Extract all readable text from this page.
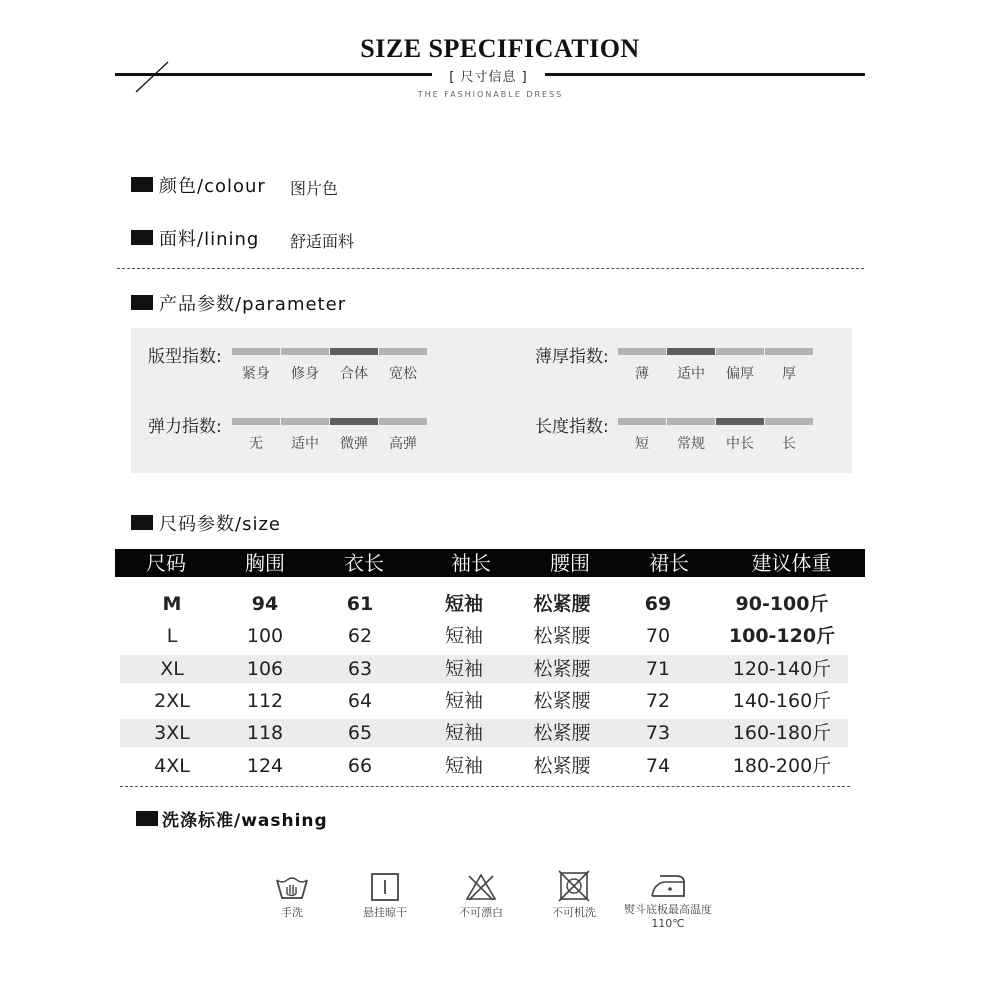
SIZE SPECIFICATION
[ 尺寸信息 ]
THE FASHIONABLE DRESS
颜色/colour 图片色
面料/lining 舒适面料
产品参数/parameter
版型指数:
紧身	修身	合体	宽松
薄厚指数:
薄	适中	偏厚	厚
弹力指数:
无	适中	微弹	高弹
长度指数:
短	常规	中长	长
尺码参数/size
尺码	胸围	衣长	袖长	腰围	裙长	建议体重
M	94	61	短袖	松紧腰	69	90-100斤
L	100	62	短袖	松紧腰	70	100-120斤
XL	106	63	短袖	松紧腰	71	120-140斤
2XL	112	64	短袖	松紧腰	72	140-160斤
3XL	118	65	短袖	松紧腰	73	160-180斤
4XL	124	66	短袖	松紧腰	74	180-200斤
洗涤标准/washing
手洗	悬挂晾干	不可漂白	不可机洗	熨斗底板最高温度110℃
